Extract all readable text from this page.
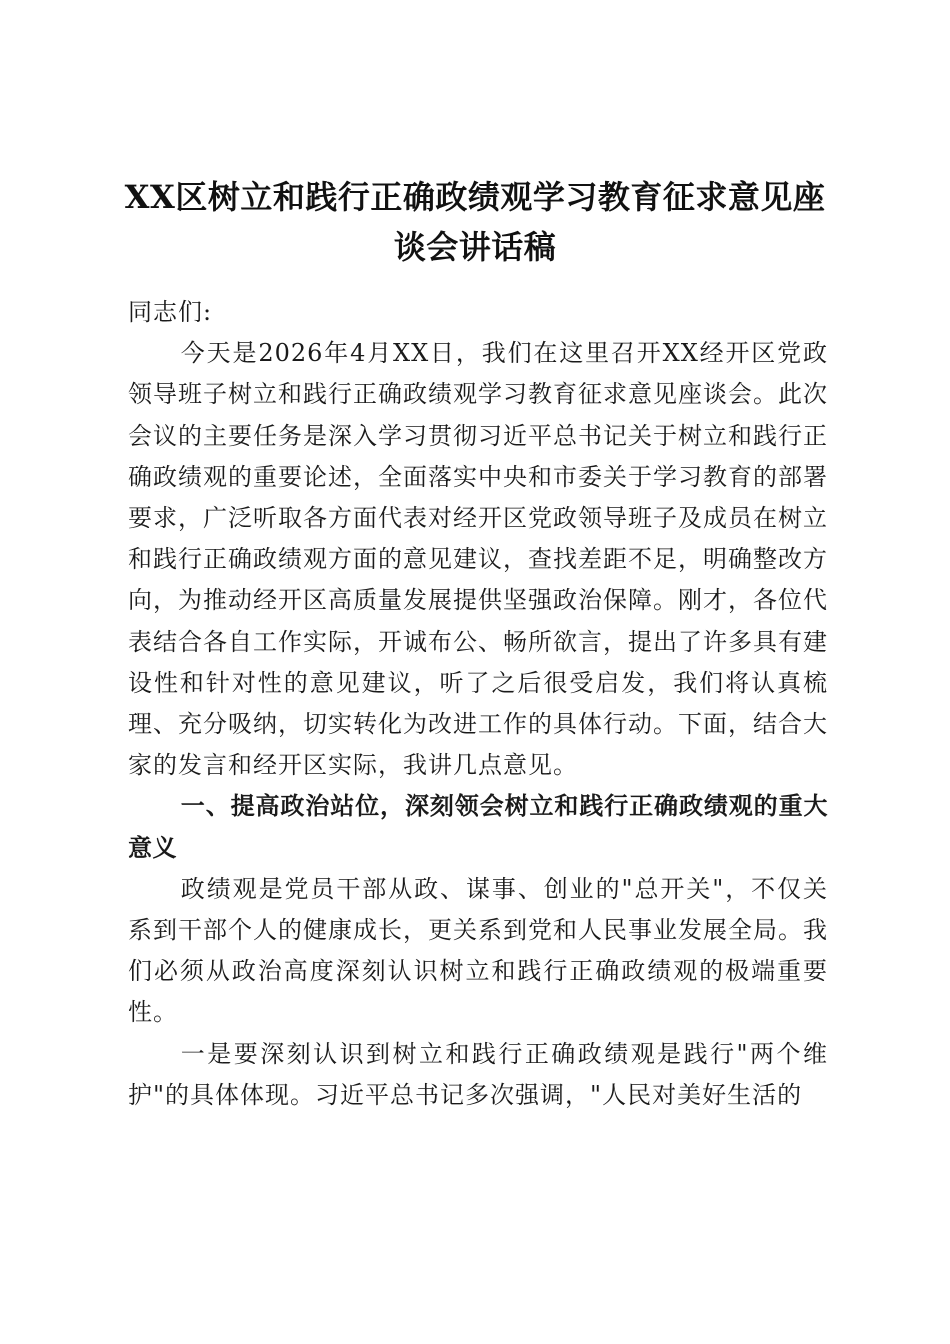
XX区树立和践行正确政绩观学习教育征求意见座谈会讲话稿

同志们:

今天是2026年4月XX日，我们在这里召开XX经开区党政领导班子树立和践行正确政绩观学习教育征求意见座谈会。此次会议的主要任务是深入学习贯彻习近平总书记关于树立和践行正确政绩观的重要论述，全面落实中央和市委关于学习教育的部署要求，广泛听取各方面代表对经开区党政领导班子及成员在树立和践行正确政绩观方面的意见建议，查找差距不足，明确整改方向，为推动经开区高质量发展提供坚强政治保障。刚才，各位代表结合各自工作实际，开诚布公、畅所欲言，提出了许多具有建设性和针对性的意见建议，听了之后很受启发，我们将认真梳理、充分吸纳，切实转化为改进工作的具体行动。下面，结合大家的发言和经开区实际，我讲几点意见。

一、提高政治站位，深刻领会树立和践行正确政绩观的重大意义

政绩观是党员干部从政、谋事、创业的"总开关"，不仅关系到干部个人的健康成长，更关系到党和人民事业发展全局。我们必须从政治高度深刻认识树立和践行正确政绩观的极端重要性。

一是要深刻认识到树立和践行正确政绩观是践行"两个维护"的具体体现。习近平总书记多次强调，"人民对美好生活的
